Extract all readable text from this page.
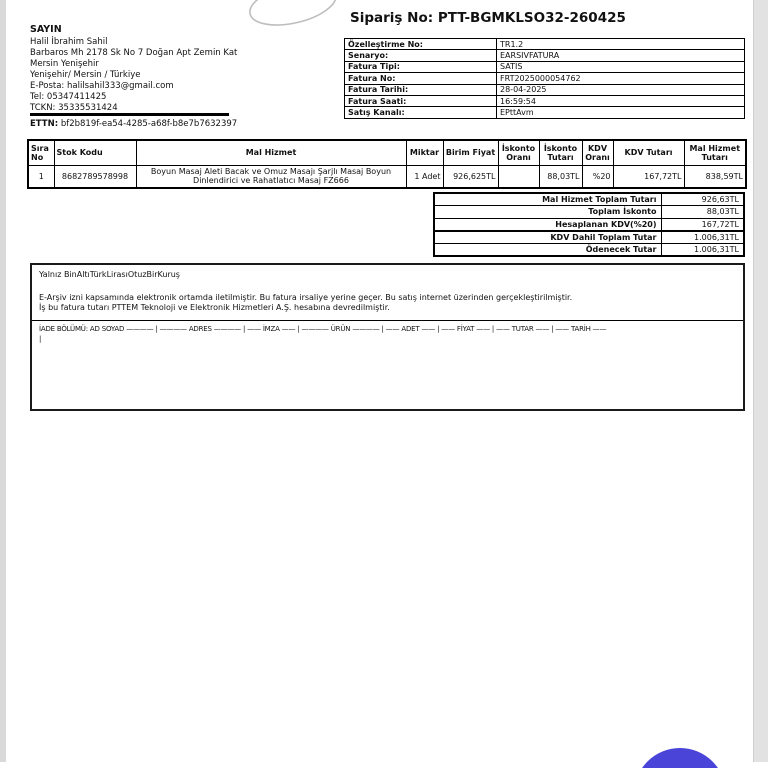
SAYIN
Halil İbrahim Sahil
Barbaros Mh 2178 Sk No 7 Doğan Apt Zemin Kat
Mersin Yenişehir
Yenişehir/ Mersin / Türkiye
E-Posta: halilsahil333@gmail.com
Tel: 05347411425
TCKN: 35335531424
ETTN: bf2b819f-ea54-4285-a68f-b8e7b7632397
Sipariş No: PTT-BGMKLSO32-260425
Özelleştirme No:	TR1.2
Senaryo:	EARSIVFATURA
Fatura Tipi:	SATIS
Fatura No:	FRT2025000054762
Fatura Tarihi:	28-04-2025
Fatura Saati:	16:59:54
Satış Kanalı:	EPttAvm
Sıra No	Stok Kodu	Mal Hizmet	Miktar	Birim Fiyat	İskonto Oranı	İskonto Tutarı	KDV Oranı	KDV Tutarı	Mal Hizmet Tutarı
1	8682789578998	Boyun Masaj Aleti Bacak ve Omuz Masajı Şarjlı Masaj Boyun Dinlendirici ve Rahatlatıcı Masaj FZ666	1 Adet	926,625TL		88,03TL	%20	167,72TL	838,59TL
Mal Hizmet Toplam Tutarı	926,63TL
Toplam İskonto	88,03TL
Hesaplanan KDV(%20)	167,72TL
KDV Dahil Toplam Tutar	1.006,31TL
Ödenecek Tutar	1.006,31TL
Yalnız BinAltıTürkLirasıOtuzBirKuruş
E-Arşiv izni kapsamında elektronik ortamda iletilmiştir. Bu fatura irsaliye yerine geçer. Bu satış internet üzerinden gerçekleştirilmiştir.
İş bu fatura tutarı PTTEM Teknoloji ve Elektronik Hizmetleri A.Ş. hesabına devredilmiştir.
İADE BÖLÜMÜ: AD SOYAD ———— | ———— ADRES ———— | —— İMZA —— | ———— ÜRÜN ———— | —— ADET —— | —— FİYAT —— | —— TUTAR —— | —— TARİH ——
|
